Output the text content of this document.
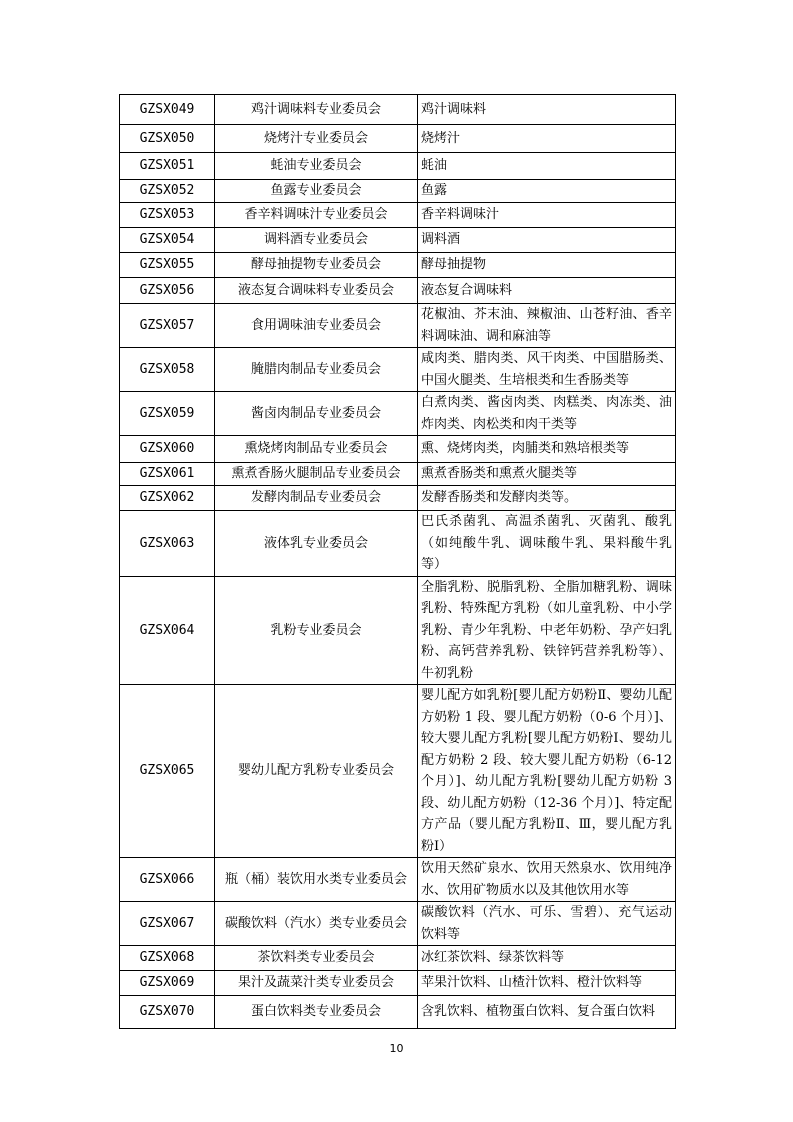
GZSX049	鸡汁调味料专业委员会	鸡汁调味料
GZSX050	烧烤汁专业委员会	烧烤汁
GZSX051	蚝油专业委员会	蚝油
GZSX052	鱼露专业委员会	鱼露
GZSX053	香辛料调味汁专业委员会	香辛料调味汁
GZSX054	调料酒专业委员会	调料酒
GZSX055	酵母抽提物专业委员会	酵母抽提物
GZSX056	液态复合调味料专业委员会	液态复合调味料
GZSX057	食用调味油专业委员会	花椒油、芥末油、辣椒油、山苍籽油、香辛料调味油、调和麻油等
GZSX058	腌腊肉制品专业委员会	咸肉类、腊肉类、风干肉类、中国腊肠类、中国火腿类、生培根类和生香肠类等
GZSX059	酱卤肉制品专业委员会	白煮肉类、酱卤肉类、肉糕类、肉冻类、油炸肉类、肉松类和肉干类等
GZSX060	熏烧烤肉制品专业委员会	熏、烧烤肉类，肉脯类和熟培根类等
GZSX061	熏煮香肠火腿制品专业委员会	熏煮香肠类和熏煮火腿类等
GZSX062	发酵肉制品专业委员会	发酵香肠类和发酵肉类等。
GZSX063	液体乳专业委员会	巴氏杀菌乳、高温杀菌乳、灭菌乳、酸乳（如纯酸牛乳、调味酸牛乳、果料酸牛乳等）
GZSX064	乳粉专业委员会	全脂乳粉、脱脂乳粉、全脂加糖乳粉、调味乳粉、特殊配方乳粉（如儿童乳粉、中小学乳粉、青少年乳粉、中老年奶粉、孕产妇乳粉、高钙营养乳粉、铁锌钙营养乳粉等）、牛初乳粉
GZSX065	婴幼儿配方乳粉专业委员会	婴儿配方如乳粉[婴儿配方奶粉Ⅱ、婴幼儿配方奶粉 1 段、婴儿配方奶粉（0-6 个月）]、较大婴儿配方乳粉[婴儿配方奶粉Ⅰ、婴幼儿配方奶粉 2 段、较大婴儿配方奶粉（6-12 个月）]、幼儿配方乳粉[婴幼儿配方奶粉 3 段、幼儿配方奶粉（12-36 个月）]、特定配方产品（婴儿配方乳粉Ⅱ、Ⅲ，婴儿配方乳粉Ⅰ）
GZSX066	瓶（桶）装饮用水类专业委员会	饮用天然矿泉水、饮用天然泉水、饮用纯净水、饮用矿物质水以及其他饮用水等
GZSX067	碳酸饮料（汽水）类专业委员会	碳酸饮料（汽水、可乐、雪碧）、充气运动饮料等
GZSX068	茶饮料类专业委员会	冰红茶饮料、绿茶饮料等
GZSX069	果汁及蔬菜汁类专业委员会	苹果汁饮料、山楂汁饮料、橙汁饮料等
GZSX070	蛋白饮料类专业委员会	含乳饮料、植物蛋白饮料、复合蛋白饮料
10
